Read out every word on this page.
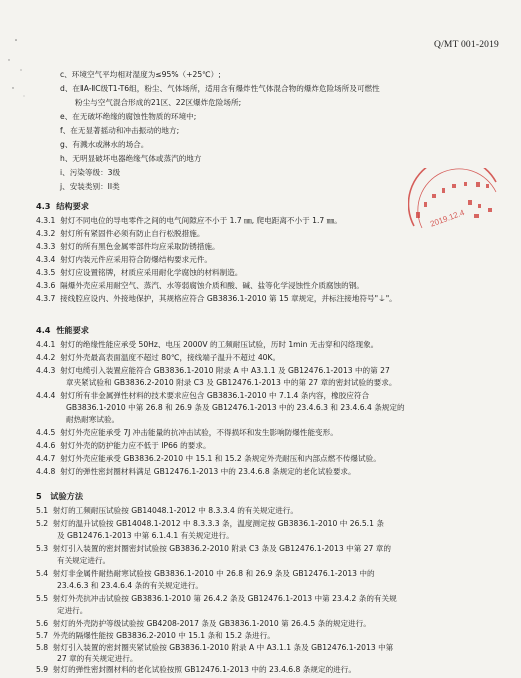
Q/MT 001-2019
c、环境空气平均相对湿度为≤95%（+25℃）;
d、在ⅡA-ⅡC级T1-T6组，粉尘、气体场所，适用含有爆炸性气体混合物的爆炸危险场所及可燃性
粉尘与空气混合形成的21区、22区爆炸危险场所;
e、在无破坏绝缘的腐蚀性物质的环境中;
f、在无显著摇动和冲击振动的地方;
g、有溅水或淋水的场合。
h、无明显破坏电器绝缘气体或蒸汽的地方
i、污染等级：3级
j、安装类别：II类
4.3 结构要求
4.3.1 射灯不同电位的导电零件之间的电气间隙应不小于 1.7 ㎜, 爬电距离不小于 1.7 ㎜。
4.3.2 射灯所有紧固件必须有防止自行松脱措施。
4.3.3 射灯的所有黑色金属零部件均应采取防锈措施。
4.3.4 射灯内装元件应采用符合防爆结构要求元件。
4.3.5 射灯应设置铭牌，材质应采用耐化学腐蚀的材料制造。
4.3.6 隔爆外壳应采用耐空气、蒸汽、水等弱腐蚀介质和酸、碱、盐等化学浸蚀性介质腐蚀的钢。
4.3.7 接线腔应设内、外接地保护，其规格应符合 GB3836.1-2010 第 15 章规定，并标注接地符号"⏚"。
4.4 性能要求
4.4.1 射灯的绝缘性能应承受 50Hz、电压 2000V 的工频耐压试验，历时 1min 无击穿和闪络现象。
4.4.2 射灯外壳最高表面温度不超过 80℃，接线端子温升不超过 40K。
4.4.3 射灯电缆引入装置应能符合 GB3836.1-2010 附录 A 中 A3.1.1 及 GB12476.1-2013 中的第 27
章夹紧试验和 GB3836.2-2010 附录 C3 及 GB12476.1-2013 中的第 27 章的密封试验的要求。
4.4.4 射灯所有非金属弹性材料的技术要求应包含 GB3836.1-2010 中 7.1.4 条内容，橡胶应符合
GB3836.1-2010 中第 26.8 和 26.9 条及 GB12476.1-2013 中的 23.4.6.3 和 23.4.6.4 条规定的
耐热耐寒试验。
4.4.5 射灯外壳应能承受 7J 冲击能量的抗冲击试验，不得损坏和发生影响防爆性能变形。
4.4.6 射灯外壳的防护能力应不低于 IP66 的要求。
4.4.7 射灯外壳应能承受 GB3836.2-2010 中 15.1 和 15.2 条规定外壳耐压和内部点燃不传爆试验。
4.4.8 射灯的弹性密封圈材料满足 GB12476.1-2013 中的 23.4.6.8 条规定的老化试验要求。
5 试验方法
5.1 射灯的工频耐压试验按 GB14048.1-2012 中 8.3.3.4 的有关规定进行。
5.2 射灯的温升试验按 GB14048.1-2012 中 8.3.3.3 条，温度测定按 GB3836.1-2010 中 26.5.1 条
及 GB12476.1-2013 中第 6.1.4.1 有关规定进行。
5.3 射灯引入装置的密封圈密封试验按 GB3836.2-2010 附录 C3 条及 GB12476.1-2013 中第 27 章的
有关规定进行。
5.4 射灯非金属件耐热耐寒试验按 GB3836.1-2010 中 26.8 和 26.9 条及 GB12476.1-2013 中的
23.4.6.3 和 23.4.6.4 条的有关规定进行。
5.5 射灯外壳抗冲击试验按 GB3836.1-2010 第 26.4.2 条及 GB12476.1-2013 中第 23.4.2 条的有关规
定进行。
5.6 射灯的外壳防护等级试验按 GB4208-2017 条及 GB3836.1-2010 第 26.4.5 条的规定进行。
5.7 外壳的隔爆性能按 GB3836.2-2010 中 15.1 条和 15.2 条进行。
5.8 射灯引入装置的密封圈夹紧试验按 GB3836.1-2010 附录 A 中 A3.1.1 条及 GB12476.1-2013 中第
27 章的有关规定进行。
5.9 射灯的弹性密封圈材料的老化试验按照 GB12476.1-2013 中的 23.4.6.8 条规定的进行。

2019.12.4
